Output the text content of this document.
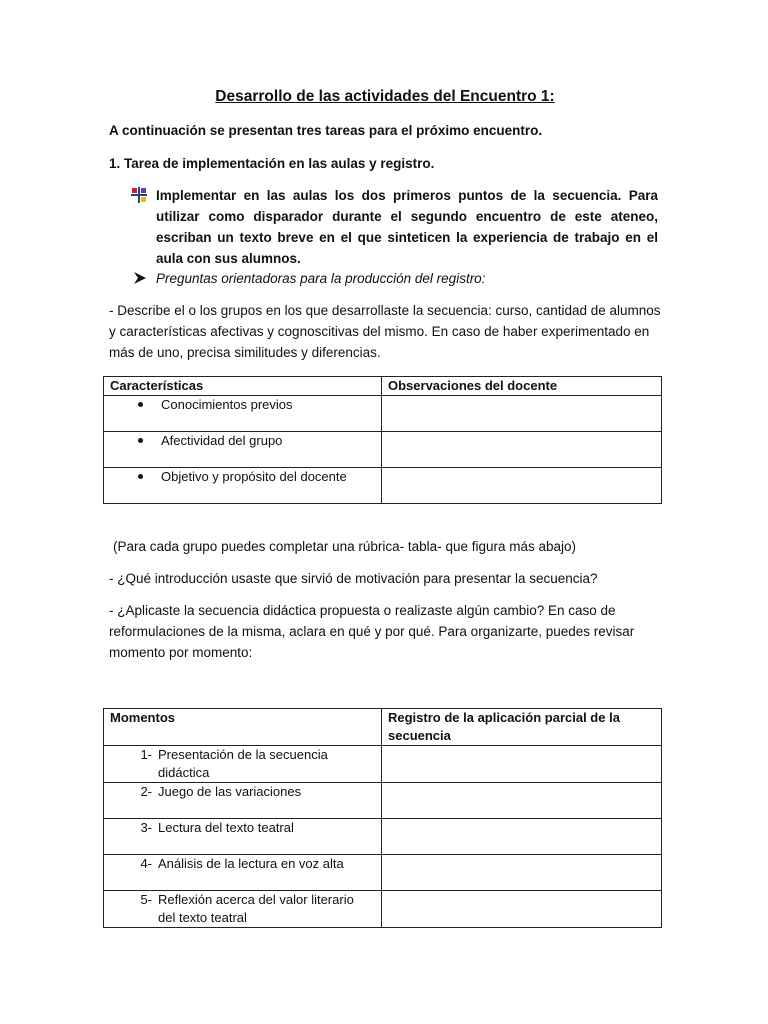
Desarrollo de las actividades del Encuentro 1:
A continuación se presentan tres tareas para el próximo encuentro.
1. Tarea de implementación en las aulas y registro.
Implementar en las aulas los dos primeros puntos de la secuencia. Para utilizar como disparador durante el segundo encuentro de este ateneo, escriban un texto breve en el que sinteticen la experiencia de trabajo en el aula con sus alumnos.
Preguntas orientadoras para la producción del registro:
- Describe el o los grupos en los que desarrollaste la secuencia: curso, cantidad de alumnos y características afectivas y cognoscitivas del mismo. En caso de haber experimentado en más de uno, precisa similitudes y diferencias.
Características	Observaciones del docente
Conocimientos previos	
Afectividad del grupo	
Objetivo y propósito del docente	
(Para cada grupo puedes completar una rúbrica- tabla- que figura más abajo)
- ¿Qué introducción usaste que sirvió de motivación para presentar la secuencia?
- ¿Aplicaste la secuencia didáctica propuesta o realizaste algún cambio? En caso de reformulaciones de la misma, aclara en qué y por qué. Para organizarte, puedes revisar momento por momento:
Momentos	Registro de la aplicación parcial de la secuencia
1- Presentación de la secuencia didáctica	
2- Juego de las variaciones	
3- Lectura del texto teatral	
4- Análisis de la lectura en voz alta	
5- Reflexión acerca del valor literario del texto teatral	
